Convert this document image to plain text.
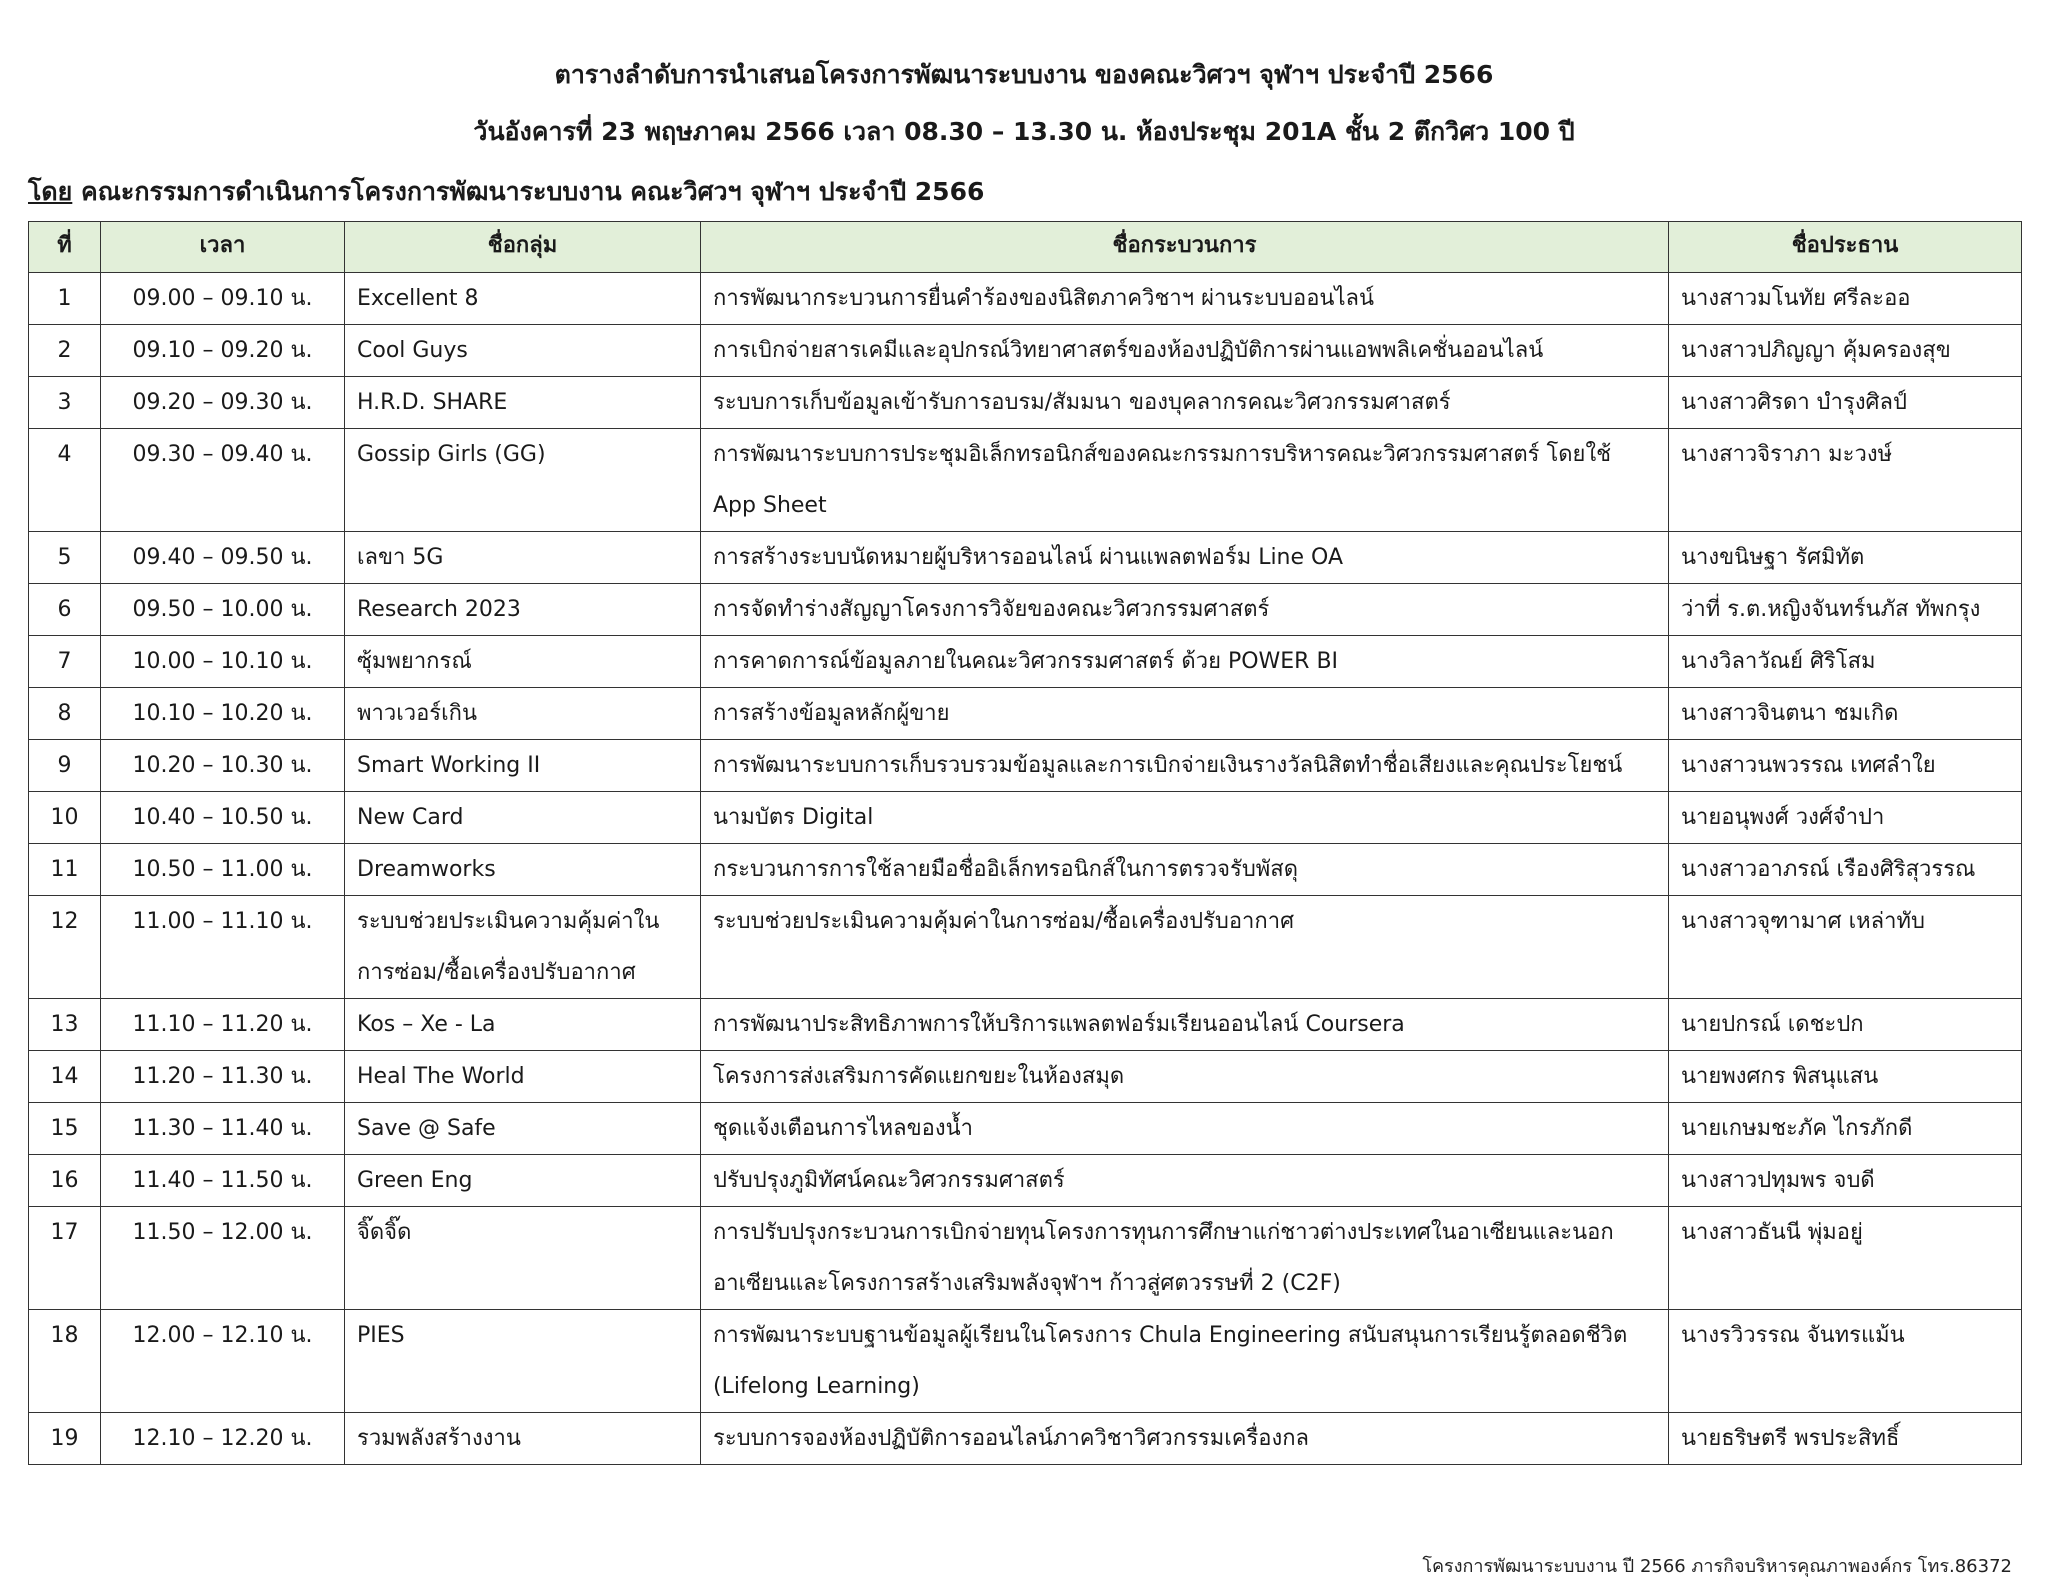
ตารางลำดับการนำเสนอโครงการพัฒนาระบบงาน ของคณะวิศวฯ จุฬาฯ ประจำปี 2566
วันอังคารที่ 23 พฤษภาคม 2566 เวลา 08.30 – 13.30 น. ห้องประชุม 201A ชั้น 2 ตึกวิศว 100 ปี
โดย คณะกรรมการดำเนินการโครงการพัฒนาระบบงาน คณะวิศวฯ จุฬาฯ ประจำปี 2566
ที่	เวลา	ชื่อกลุ่ม	ชื่อกระบวนการ	ชื่อประธาน
1	09.00 – 09.10 น.	Excellent 8	การพัฒนากระบวนการยื่นคำร้องของนิสิตภาควิชาฯ ผ่านระบบออนไลน์	นางสาวมโนทัย ศรีละออ
2	09.10 – 09.20 น.	Cool Guys	การเบิกจ่ายสารเคมีและอุปกรณ์วิทยาศาสตร์ของห้องปฏิบัติการผ่านแอพพลิเคชั่นออนไลน์	นางสาวปภิญญา คุ้มครองสุข
3	09.20 – 09.30 น.	H.R.D. SHARE	ระบบการเก็บข้อมูลเข้ารับการอบรม/สัมมนา ของบุคลากรคณะวิศวกรรมศาสตร์	นางสาวศิรดา บำรุงศิลป์
4	09.30 – 09.40 น.	Gossip Girls (GG)	การพัฒนาระบบการประชุมอิเล็กทรอนิกส์ของคณะกรรมการบริหารคณะวิศวกรรมศาสตร์ โดยใช้ App Sheet	นางสาวจิราภา มะวงษ์
5	09.40 – 09.50 น.	เลขา 5G	การสร้างระบบนัดหมายผู้บริหารออนไลน์ ผ่านแพลตฟอร์ม Line OA	นางขนิษฐา รัศมิทัต
6	09.50 – 10.00 น.	Research 2023	การจัดทำร่างสัญญาโครงการวิจัยของคณะวิศวกรรมศาสตร์	ว่าที่ ร.ต.หญิงจันทร์นภัส ทัพกรุง
7	10.00 – 10.10 น.	ซุ้มพยากรณ์	การคาดการณ์ข้อมูลภายในคณะวิศวกรรมศาสตร์ ด้วย POWER BI	นางวิลาวัณย์ ศิริโสม
8	10.10 – 10.20 น.	พาวเวอร์เกิน	การสร้างข้อมูลหลักผู้ขาย	นางสาวจินตนา ชมเกิด
9	10.20 – 10.30 น.	Smart Working II	การพัฒนาระบบการเก็บรวบรวมข้อมูลและการเบิกจ่ายเงินรางวัลนิสิตทำชื่อเสียงและคุณประโยชน์	นางสาวนพวรรณ เทศลำใย
10	10.40 – 10.50 น.	New Card	นามบัตร Digital	นายอนุพงศ์ วงศ์จำปา
11	10.50 – 11.00 น.	Dreamworks	กระบวนการการใช้ลายมือชื่ออิเล็กทรอนิกส์ในการตรวจรับพัสดุ	นางสาวอาภรณ์ เรืองศิริสุวรรณ
12	11.00 – 11.10 น.	ระบบช่วยประเมินความคุ้มค่าในการซ่อม/ซื้อเครื่องปรับอากาศ	ระบบช่วยประเมินความคุ้มค่าในการซ่อม/ซื้อเครื่องปรับอากาศ	นางสาวจุฑามาศ เหล่าทับ
13	11.10 – 11.20 น.	Kos – Xe - La	การพัฒนาประสิทธิภาพการให้บริการแพลตฟอร์มเรียนออนไลน์ Coursera	นายปกรณ์ เดชะปก
14	11.20 – 11.30 น.	Heal The World	โครงการส่งเสริมการคัดแยกขยะในห้องสมุด	นายพงศกร พิสนุแสน
15	11.30 – 11.40 น.	Save @ Safe	ชุดแจ้งเตือนการไหลของน้ำ	นายเกษมชะภัค ไกรภักดี
16	11.40 – 11.50 น.	Green Eng	ปรับปรุงภูมิทัศน์คณะวิศวกรรมศาสตร์	นางสาวปทุมพร จบดี
17	11.50 – 12.00 น.	จิ๊ดจิ๊ด	การปรับปรุงกระบวนการเบิกจ่ายทุนโครงการทุนการศึกษาแก่ชาวต่างประเทศในอาเซียนและนอกอาเซียนและโครงการสร้างเสริมพลังจุฬาฯ ก้าวสู่ศตวรรษที่ 2 (C2F)	นางสาวธันนี พุ่มอยู่
18	12.00 – 12.10 น.	PIES	การพัฒนาระบบฐานข้อมูลผู้เรียนในโครงการ Chula Engineering สนับสนุนการเรียนรู้ตลอดชีวิต (Lifelong Learning)	นางรวิวรรณ จันทรแม้น
19	12.10 – 12.20 น.	รวมพลังสร้างงาน	ระบบการจองห้องปฏิบัติการออนไลน์ภาควิชาวิศวกรรมเครื่องกล	นายธริษตรี พรประสิทธิ์
โครงการพัฒนาระบบงาน ปี 2566 ภารกิจบริหารคุณภาพองค์กร โทร.86372
